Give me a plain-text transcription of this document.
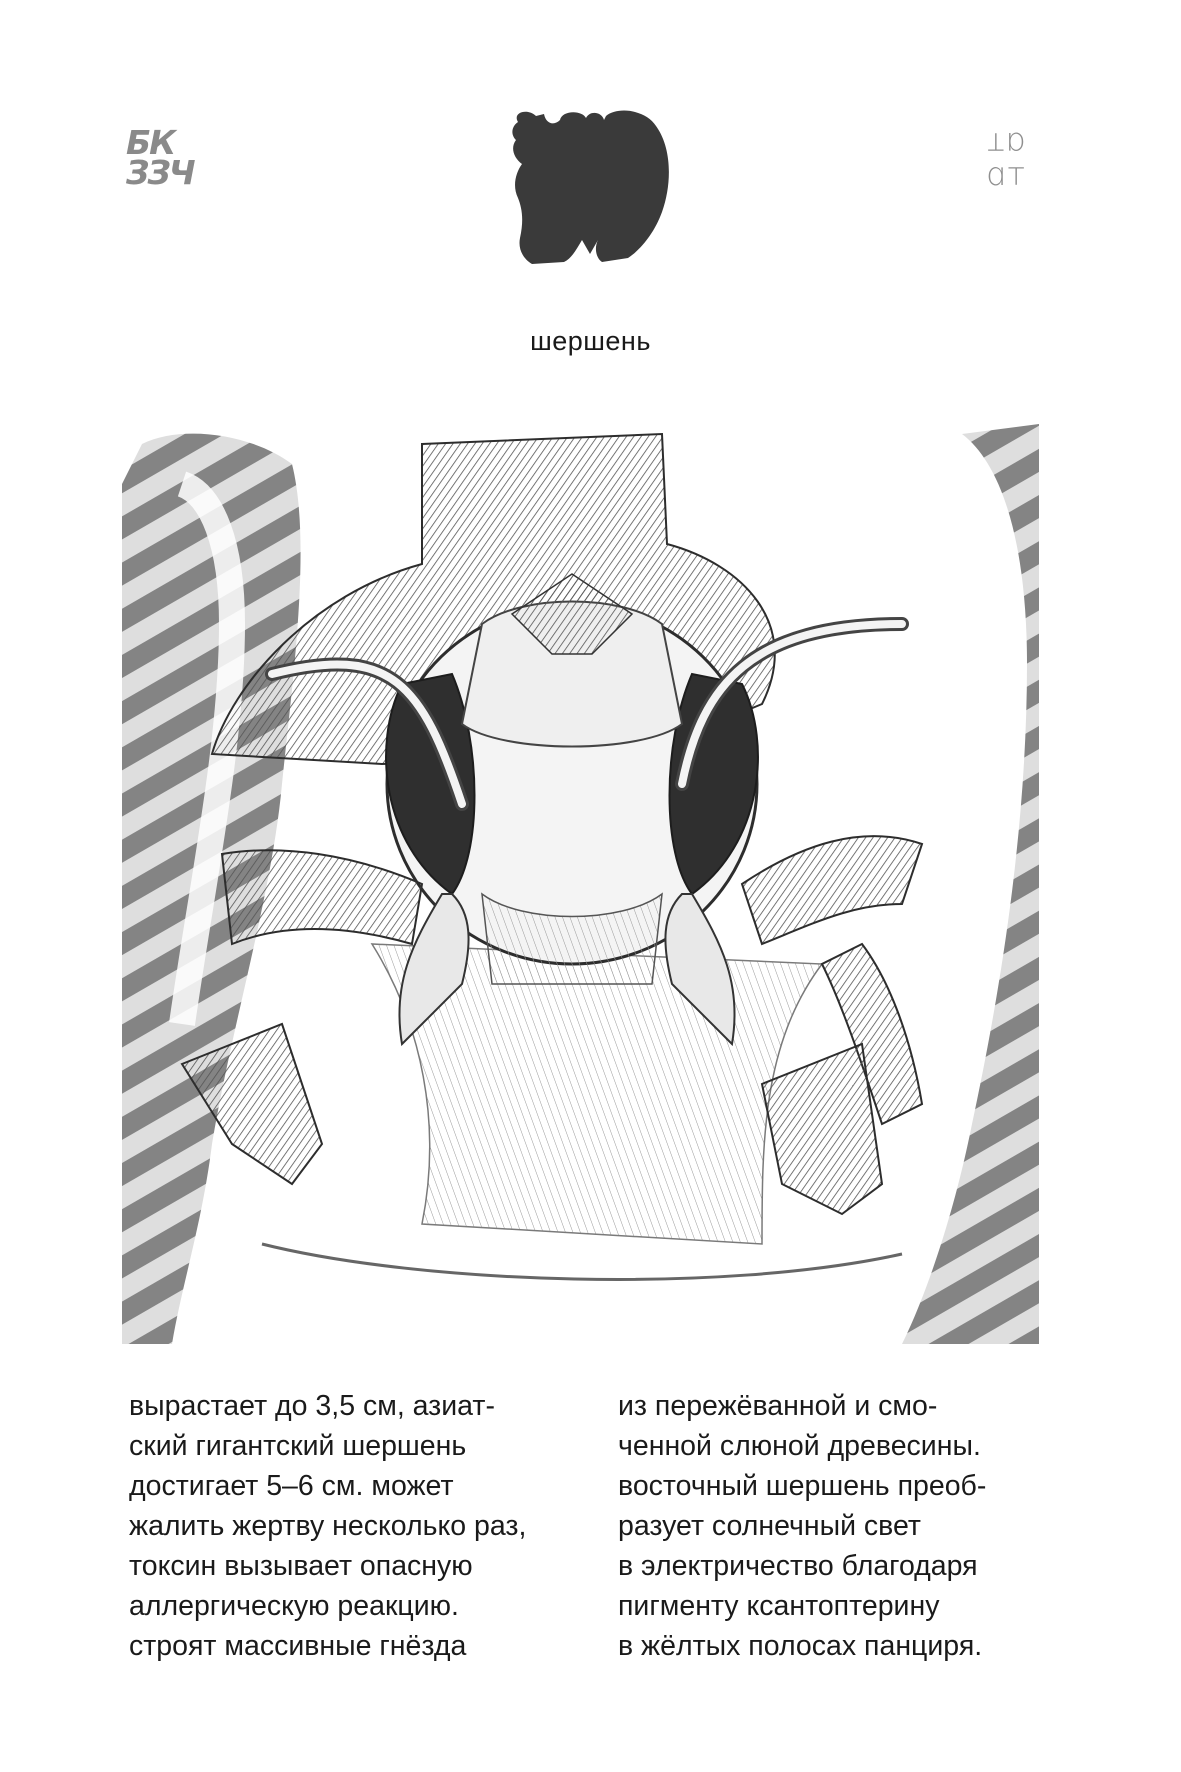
БК
ЗЗЧ
ɑт
ɑт
шершень
вырастает до 3,5 см, азиат-
ский гигантский шершень
достигает 5–6 см. может
жалить жертву несколько раз,
токсин вызывает опасную
аллергическую реакцию.
строят массивные гнёзда
из пережёванной и смо-
ченной слюной древесины.
восточный шершень преоб-
разует солнечный свет
в электричество благодаря
пигменту ксантоптерину
в жёлтых полосах панциря.
